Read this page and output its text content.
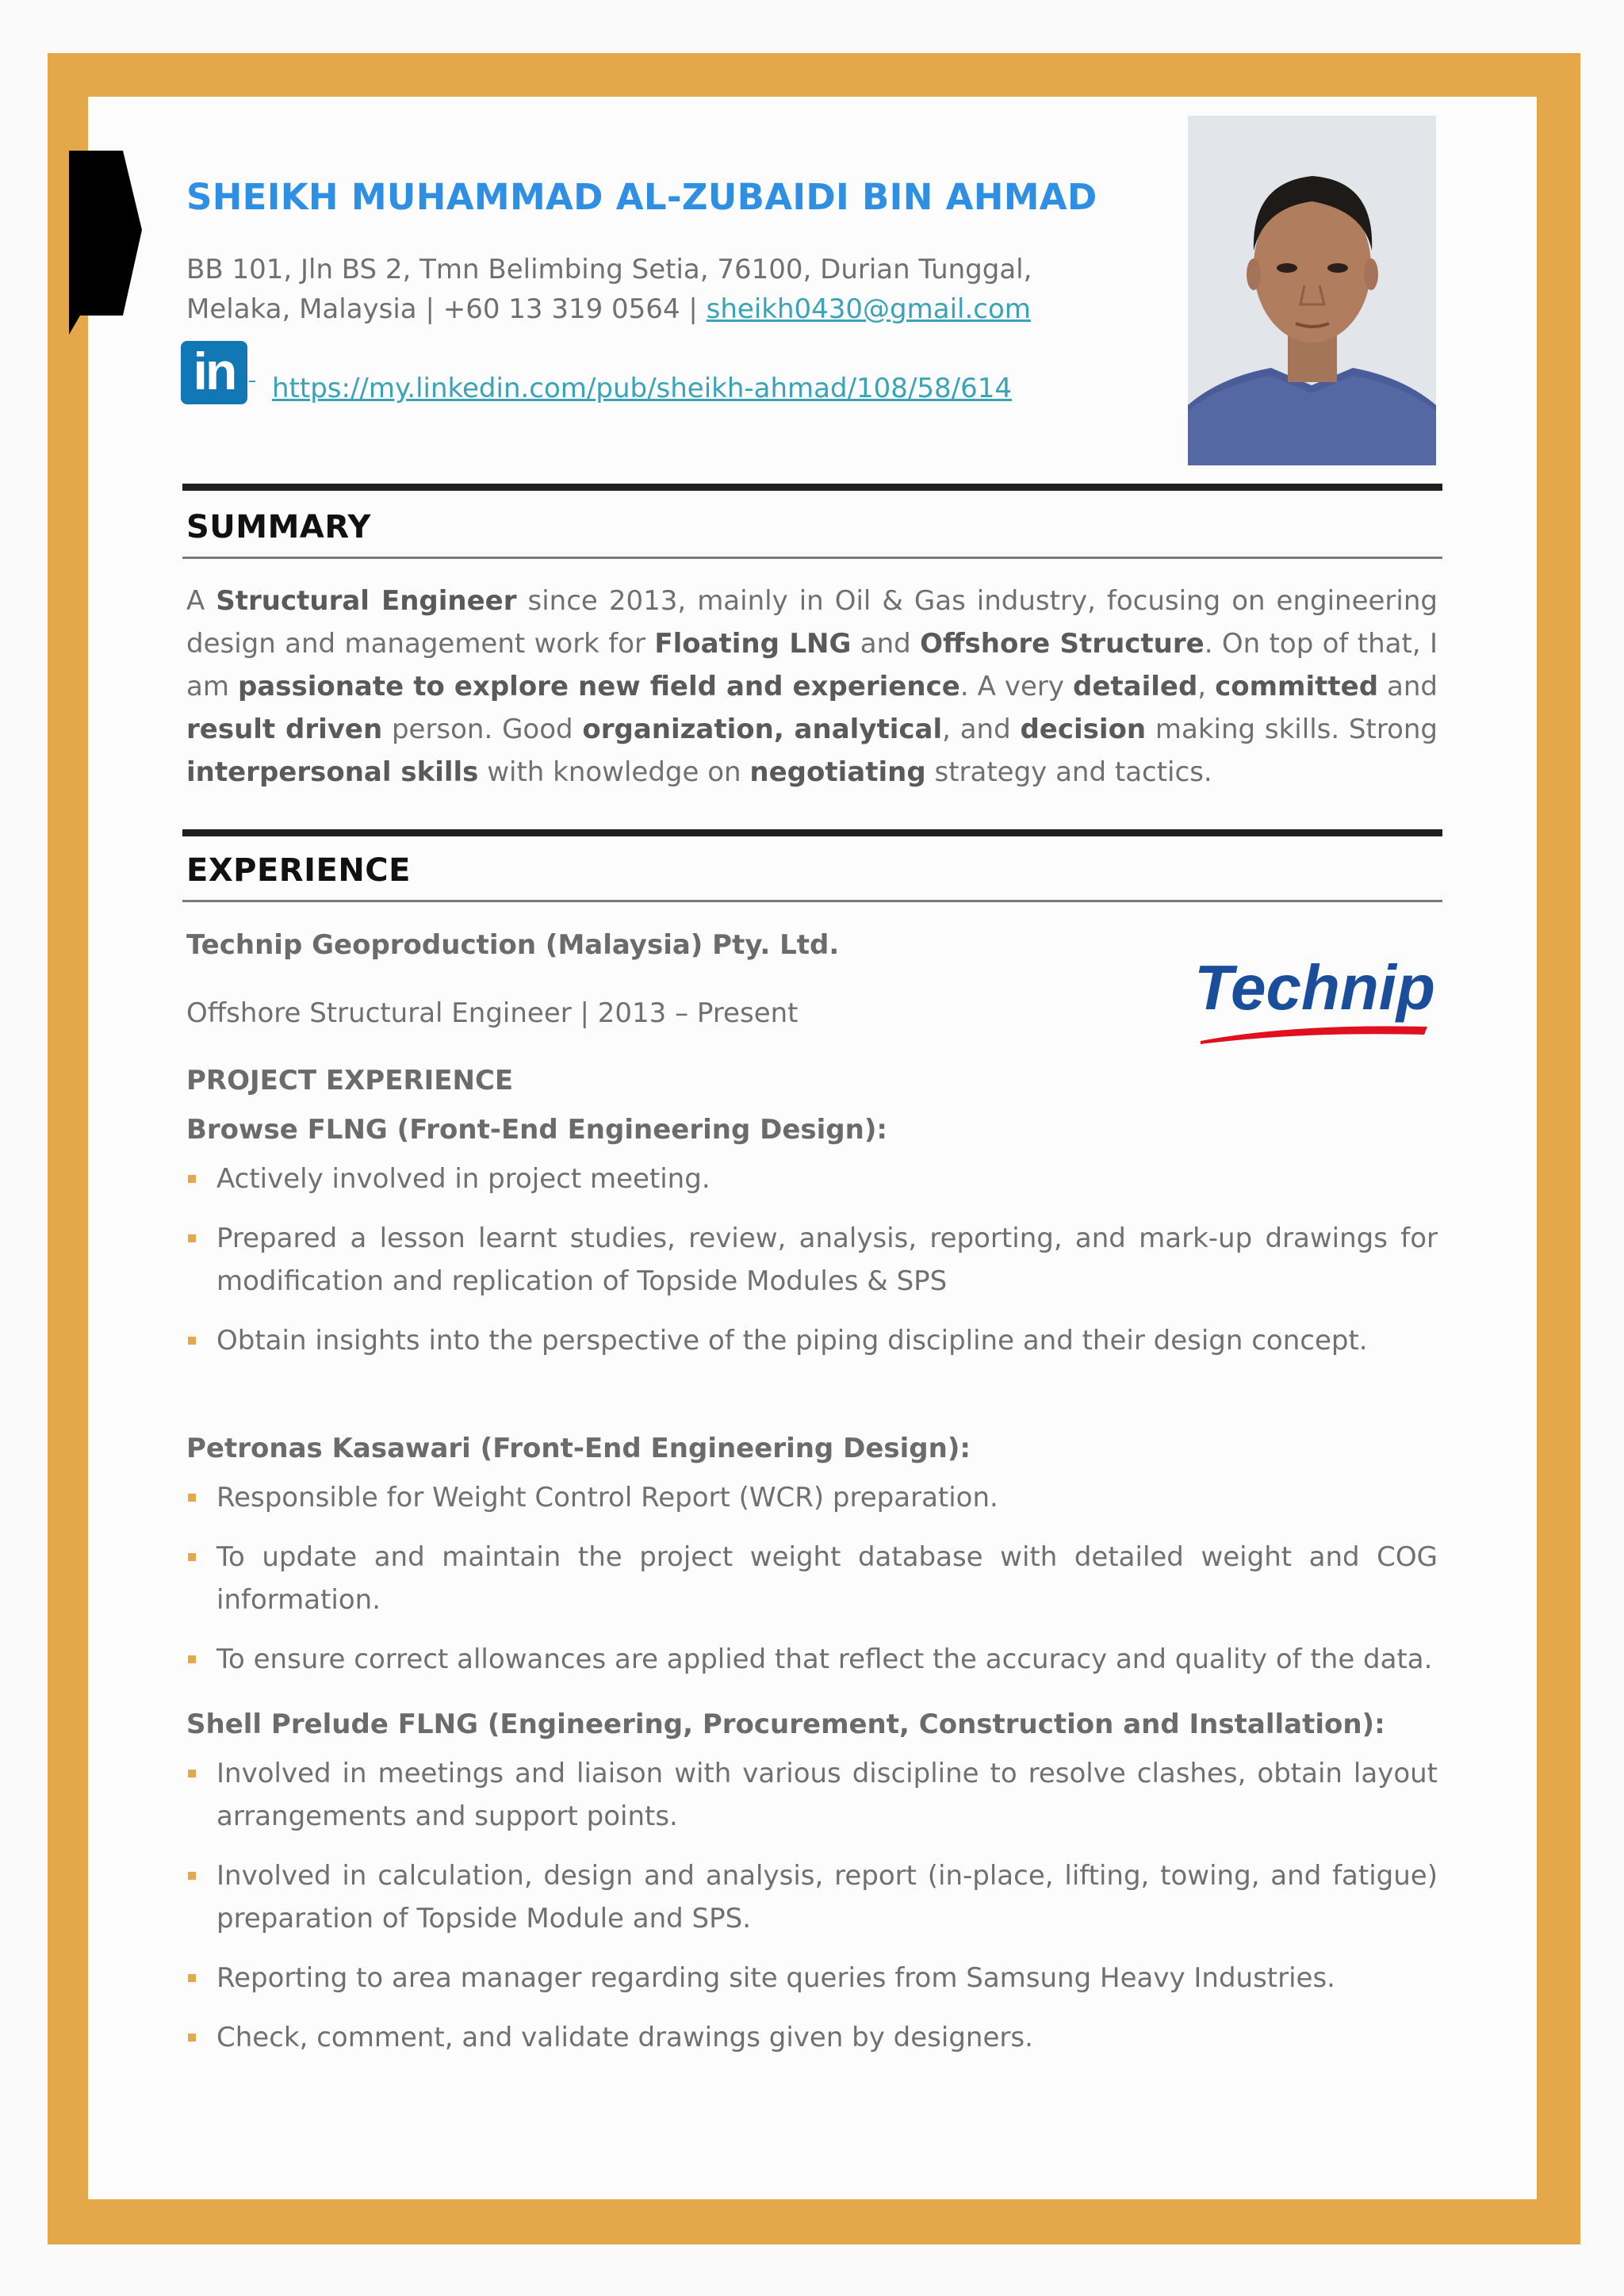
SHEIKH MUHAMMAD AL-ZUBAIDI BIN AHMAD
BB 101, Jln BS 2, Tmn Belimbing Setia, 76100, Durian Tunggal,
Melaka, Malaysia | +60 13 319 0564 | sheikh0430@gmail.com
in	https://my.linkedin.com/pub/sheikh-ahmad/108/58/614
SUMMARY
A Structural Engineer since 2013, mainly in Oil & Gas industry, focusing on engineering design and management work for Floating LNG and Offshore Structure. On top of that, I am passionate to explore new field and experience. A very detailed, committed and result driven person. Good organization, analytical, and decision making skills. Strong interpersonal skills with knowledge on negotiating strategy and tactics.
EXPERIENCE
Technip Geoproduction (Malaysia) Pty. Ltd.
Offshore Structural Engineer | 2013 – Present	Technip
PROJECT EXPERIENCE
Browse FLNG (Front-End Engineering Design):
Actively involved in project meeting.
Prepared a lesson learnt studies, review, analysis, reporting, and mark-up drawings for modification and replication of Topside Modules & SPS
Obtain insights into the perspective of the piping discipline and their design concept.
Petronas Kasawari (Front-End Engineering Design):
Responsible for Weight Control Report (WCR) preparation.
To update and maintain the project weight database with detailed weight and COG information.
To ensure correct allowances are applied that reflect the accuracy and quality of the data.
Shell Prelude FLNG (Engineering, Procurement, Construction and Installation):
Involved in meetings and liaison with various discipline to resolve clashes, obtain layout arrangements and support points.
Involved in calculation, design and analysis, report (in-place, lifting, towing, and fatigue) preparation of Topside Module and SPS.
Reporting to area manager regarding site queries from Samsung Heavy Industries.
Check, comment, and validate drawings given by designers.
